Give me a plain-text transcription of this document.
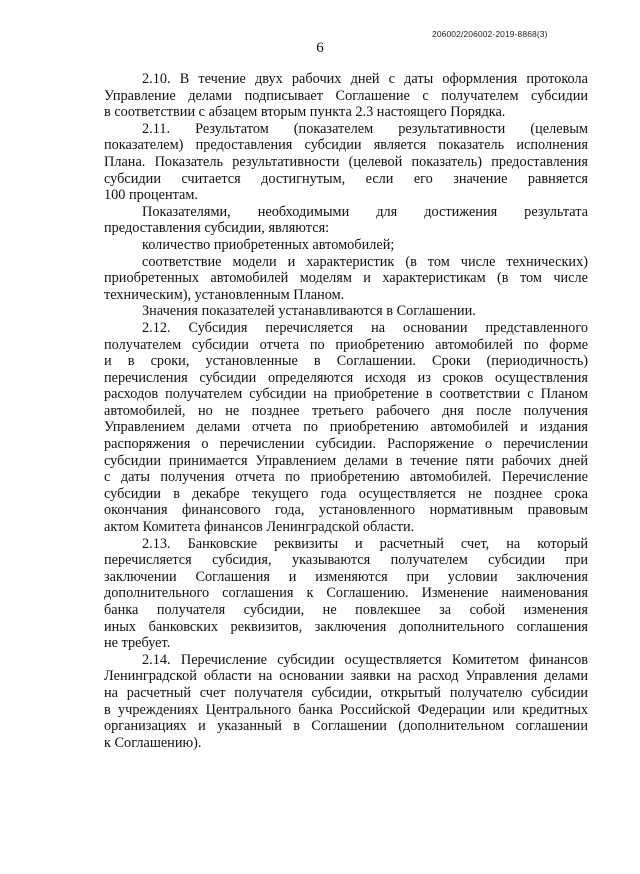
206002/206002-2019-8868(3)
6
2.10. В течение двух рабочих дней с даты оформления протокола
Управление делами подписывает Соглашение с получателем субсидии
в соответствии с абзацем вторым пункта 2.3 настоящего Порядка.
2.11. Результатом (показателем результативности (целевым
показателем) предоставления субсидии является показатель исполнения
Плана. Показатель результативности (целевой показатель) предоставления
субсидии считается достигнутым, если его значение равняется
100 процентам.
Показателями, необходимыми для достижения результата
предоставления субсидии, являются:
количество приобретенных автомобилей;
соответствие модели и характеристик (в том числе технических)
приобретенных автомобилей моделям и характеристикам (в том числе
техническим), установленным Планом.
Значения показателей устанавливаются в Соглашении.
2.12. Субсидия перечисляется на основании представленного
получателем субсидии отчета по приобретению автомобилей по форме
и в сроки, установленные в Соглашении. Сроки (периодичность)
перечисления субсидии определяются исходя из сроков осуществления
расходов получателем субсидии на приобретение в соответствии с Планом
автомобилей, но не позднее третьего рабочего дня после получения
Управлением делами отчета по приобретению автомобилей и издания
распоряжения о перечислении субсидии. Распоряжение о перечислении
субсидии принимается Управлением делами в течение пяти рабочих дней
с даты получения отчета по приобретению автомобилей. Перечисление
субсидии в декабре текущего года осуществляется не позднее срока
окончания финансового года, установленного нормативным правовым
актом Комитета финансов Ленинградской области.
2.13. Банковские реквизиты и расчетный счет, на который
перечисляется субсидия, указываются получателем субсидии при
заключении Соглашения и изменяются при условии заключения
дополнительного соглашения к Соглашению. Изменение наименования
банка получателя субсидии, не повлекшее за собой изменения
иных банковских реквизитов, заключения дополнительного соглашения
не требует.
2.14. Перечисление субсидии осуществляется Комитетом финансов
Ленинградской области на основании заявки на расход Управления делами
на расчетный счет получателя субсидии, открытый получателю субсидии
в учреждениях Центрального банка Российской Федерации или кредитных
организациях и указанный в Соглашении (дополнительном соглашении
к Соглашению).
